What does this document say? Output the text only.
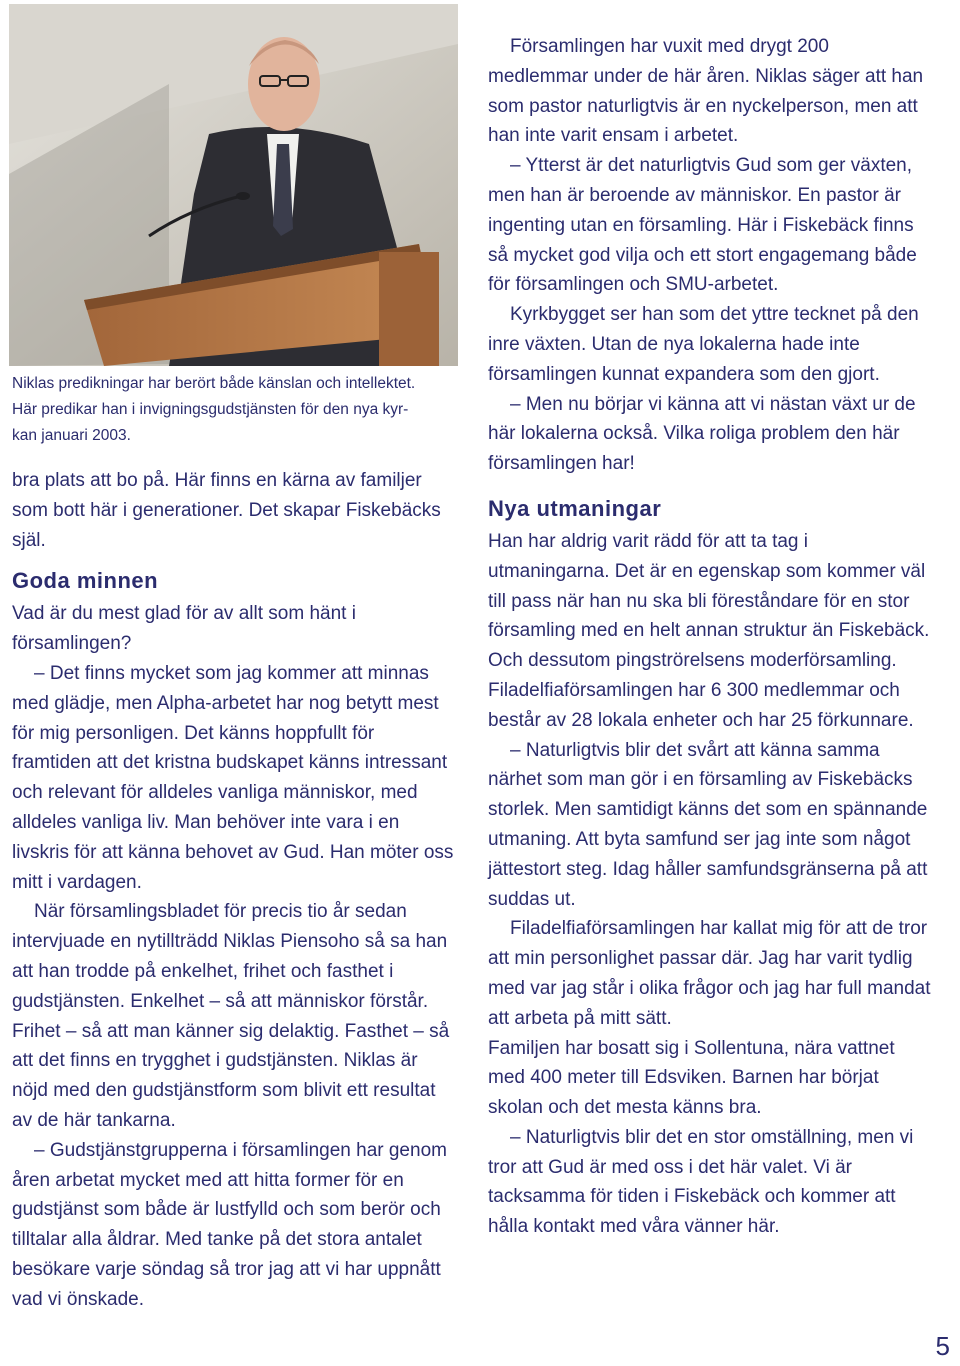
Niklas predikningar har berört både känslan och intellektet.

Här predikar han i invigningsgudstjänsten för den nya kyr-

kan januari 2003.

bra plats att bo på. Här finns en kärna av familjer som bott här i generationer. Det skapar Fiskebäcks själ.

Goda minnen

Vad är du mest glad för av allt som hänt i församlingen?

– Det finns mycket som jag kommer att minnas med glädje, men Alpha-arbetet har nog betytt mest för mig personligen. Det känns hoppfullt för framtiden att det kristna budskapet känns intressant och relevant för alldeles vanliga människor, med alldeles vanliga liv. Man behöver inte vara i en livskris för att känna behovet av Gud. Han möter oss mitt i vardagen.

När församlingsbladet för precis tio år sedan intervjuade en nytillträdd Niklas Piensoho så sa han att han trodde på enkelhet, frihet och fasthet i gudstjänsten. Enkelhet – så att människor förstår. Frihet – så att man känner sig delaktig. Fasthet – så att det finns en trygghet i gudstjänsten. Niklas är nöjd med den gudstjänstform som blivit ett resultat av de här tankarna.

– Gudstjänstgrupperna i församlingen har genom åren arbetat mycket med att hitta former för en gudstjänst som både är lustfylld och som berör och tilltalar alla åldrar. Med tanke på det stora antalet besökare varje söndag så tror jag att vi har uppnått vad vi önskade.

Församlingen har vuxit med drygt 200 medlemmar under de här åren. Niklas säger att han som pastor naturligtvis är en nyckelperson, men att han inte varit ensam i arbetet.

– Ytterst är det naturligtvis Gud som ger växten, men han är beroende av människor. En pastor är ingenting utan en församling. Här i Fiskebäck finns så mycket god vilja och ett stort engagemang både för församlingen och SMU-arbetet.

Kyrkbygget ser han som det yttre tecknet på den inre växten. Utan de nya lokalerna hade inte församlingen kunnat expandera som den gjort.

– Men nu börjar vi känna att vi nästan växt ur de här lokalerna också. Vilka roliga problem den här församlingen har!

Nya utmaningar

Han har aldrig varit rädd för att ta tag i utmaningarna. Det är en egenskap som kommer väl till pass när han nu ska bli föreståndare för en stor församling med en helt annan struktur än Fiskebäck. Och dessutom pingströrelsens moderförsamling. Filadelfiaförsamlingen har 6 300 medlemmar och består av 28 lokala enheter och har 25 förkunnare.

– Naturligtvis blir det svårt att känna samma närhet som man gör i en församling av Fiskebäcks storlek. Men samtidigt känns det som en spännande utmaning. Att byta samfund ser jag inte som något jättestort steg. Idag håller samfundsgränserna på att suddas ut.

Filadelfiaförsamlingen har kallat mig för att de tror att min personlighet passar där. Jag har varit tydlig med var jag står i olika frågor och jag har full mandat att arbeta på mitt sätt.

Familjen har bosatt sig i Sollentuna, nära vattnet med 400 meter till Edsviken. Barnen har börjat skolan och det mesta känns bra.

– Naturligtvis blir det en stor omställning, men vi tror att Gud är med oss i det här valet. Vi är tacksamma för tiden i Fiskebäck och kommer att hålla kontakt med våra vänner här.

5
